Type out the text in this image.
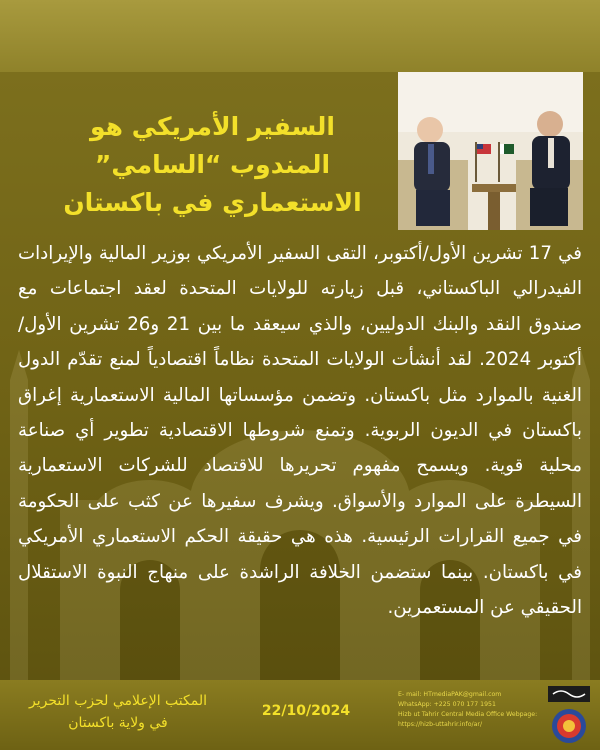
السفير الأمريكي هو
المندوب “السامي”
الاستعماري في باكستان
في 17 تشرين الأول/أكتوبر، التقى السفير الأمريكي بوزير المالية والإيرادات الفيدرالي الباكستاني، قبل زيارته للولايات المتحدة لعقد اجتماعات مع صندوق النقد والبنك الدوليين، والذي سيعقد ما بين 21 و26 تشرين الأول/أكتوبر 2024. لقد أنشأت الولايات المتحدة نظاماً اقتصادياً لمنع تقدّم الدول الغنية بالموارد مثل باكستان. وتضمن مؤسساتها المالية الاستعمارية إغراق باكستان في الديون الربوية. وتمنع شروطها الاقتصادية تطوير أي صناعة محلية قوية. ويسمح مفهوم تحريرها للاقتصاد للشركات الاستعمارية السيطرة على الموارد والأسواق. ويشرف سفيرها عن كثب على الحكومة في جميع القرارات الرئيسية. هذه هي حقيقة الحكم الاستعماري الأمريكي في باكستان. بينما ستضمن الخلافة الراشدة على منهاج النبوة الاستقلال الحقيقي عن المستعمرين.
المكتب الإعلامي لحزب التحرير
في ولاية باكستان
22/10/2024
E- mail: HTmediaPAK@gmail.com
WhatsApp: +225 070 177 1951
Hizb ut Tahrir Central Media Office Webpage:
https://hizb-uttahrir.info/ar/
